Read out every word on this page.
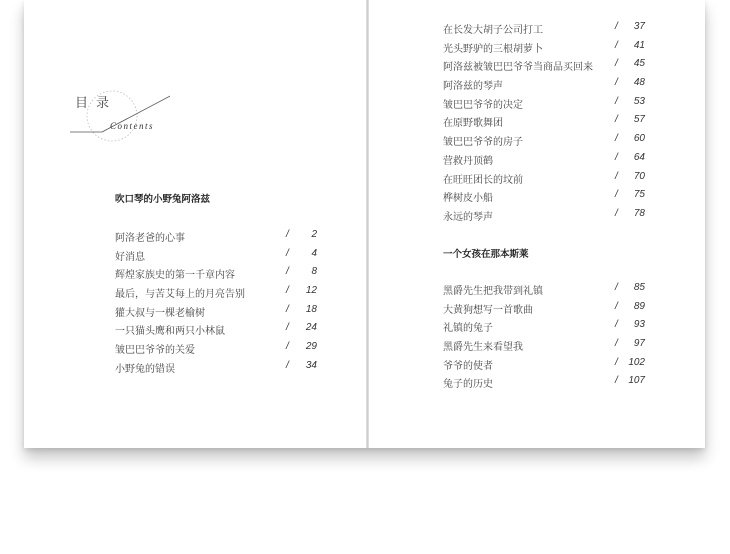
目录
Contents
吹口琴的小野兔阿洛兹
阿洛老爸的心事	/	2
好消息	/	4
辉煌家族史的第一千章内容	/	8
最后，与苦艾每上的月亮告别	/	12
獾大叔与一棵老榆树	/	18
一只猫头鹰和两只小林鼠	/	24
皱巴巴爷爷的关爱	/	29
小野兔的错误	/	34
在长发大胡子公司打工	/	37
光头野驴的三根胡萝卜	/	41
阿洛兹被皱巴巴爷爷当商品买回来 /	45
阿洛兹的琴声	/	48
皱巴巴爷爷的决定	/	53
在原野歌舞团	/	57
皱巴巴爷爷的房子	/	60
营救丹顶鹤	/	64
在旺旺团长的坟前	/	70
桦树皮小船	/	75
永远的琴声	/	78
一个女孩在那本斯莱
黑爵先生把我带到礼镇	/	85
大黄狗想写一首歌曲	/	89
礼镇的兔子	/	93
黑爵先生来看望我	/	97
爷爷的使者	/	102
兔子的历史	/	107
